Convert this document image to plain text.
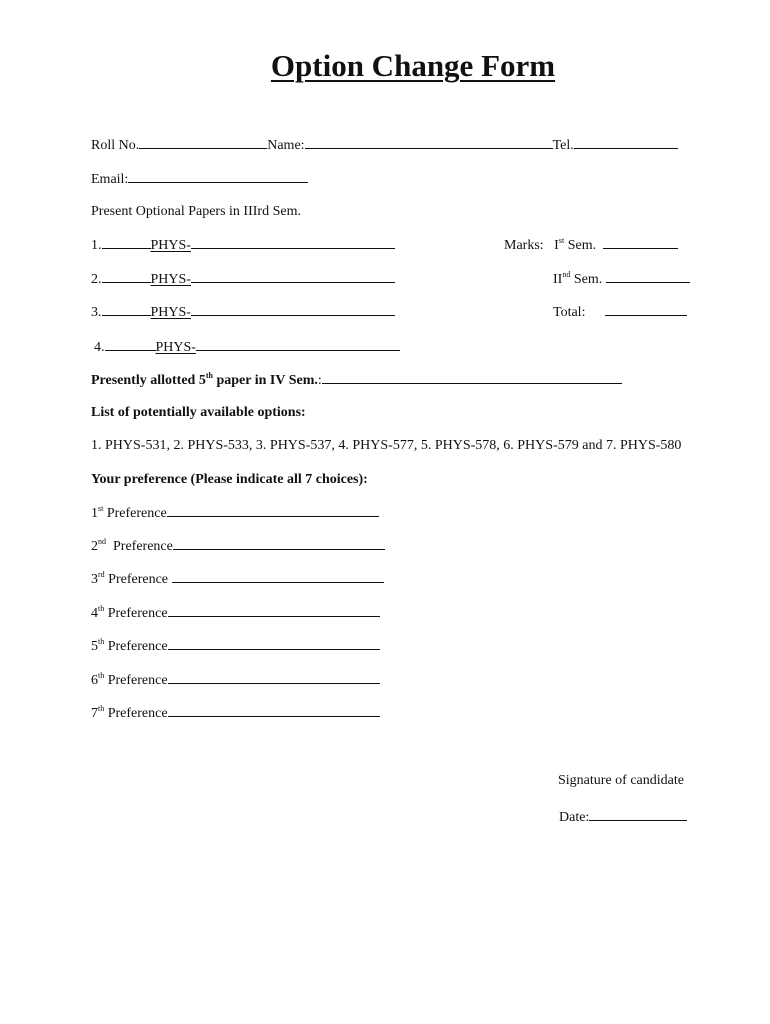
Option Change Form
Roll No.	Name:	Tel.
Email:
Present Optional Papers in IIIrd Sem.
1.	PHYS-
2.	PHYS-
3.	PHYS-
4.	PHYS-
Marks: Ist Sem.
IInd Sem.
Total:
Presently allotted 5th paper in IV Sem.:
List of potentially available options:
1. PHYS-531, 2. PHYS-533, 3. PHYS-537, 4. PHYS-577, 5. PHYS-578, 6. PHYS-579 and 7. PHYS-580
Your preference (Please indicate all 7 choices):
1st Preference
2nd  Preference
3rd Preference
4th Preference
5th Preference
6th Preference
7th Preference
Signature of candidate
Date:
